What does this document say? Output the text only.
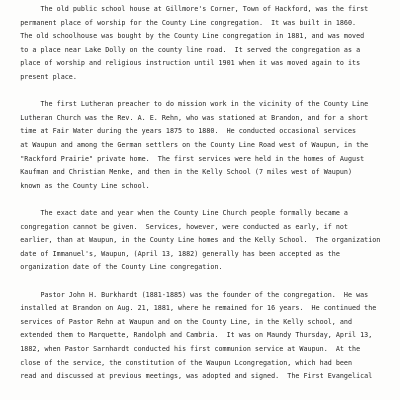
The old public school house at Gillmore's Corner, Town of Hackford, was the first
permanent place of worship for the County Line congregation.  It was built in 1860.
The old schoolhouse was bought by the County Line congregation in 1881, and was moved
to a place near Lake Dolly on the county line road.  It served the congregation as a
place of worship and religious instruction until 1901 when it was moved again to its
present place.
The first Lutheran preacher to do mission work in the vicinity of the County Line
Lutheran Church was the Rev. A. E. Rehn, who was stationed at Brandon, and for a short
time at Fair Water during the years 1875 to 1880.  He conducted occasional services
at Waupun and among the German settlers on the County Line Road west of Waupun, in the
"Rackford Prairie" private home.  The first services were held in the homes of August
Kaufman and Christian Menke, and then in the Kelly School (7 miles west of Waupun)
known as the County Line school.
The exact date and year when the County Line Church people formally became a
congregation cannot be given.  Services, however, were conducted as early, if not
earlier, than at Waupun, in the County Line homes and the Kelly School.  The organization
date of Immanuel's, Waupun, (April 13, 1882) generally has been accepted as the
organization date of the County Line congregation.
Pastor John H. Burkhardt (1881-1885) was the founder of the congregation.  He was
installed at Brandon on Aug. 21, 1881, where he remained for 16 years.  He continued the
services of Pastor Rehn at Waupun and on the County Line, in the Kelly school, and
extended them to Marquette, Randolph and Cambria.  It was on Maundy Thursday, April 13,
1882, when Pastor Sarnhardt conducted his first communion service at Waupun.  At the
close of the service, the constitution of the Waupun Lcongregation, which had been
read and discussed at previous meetings, was adopted and signed.  The First Evangelical
